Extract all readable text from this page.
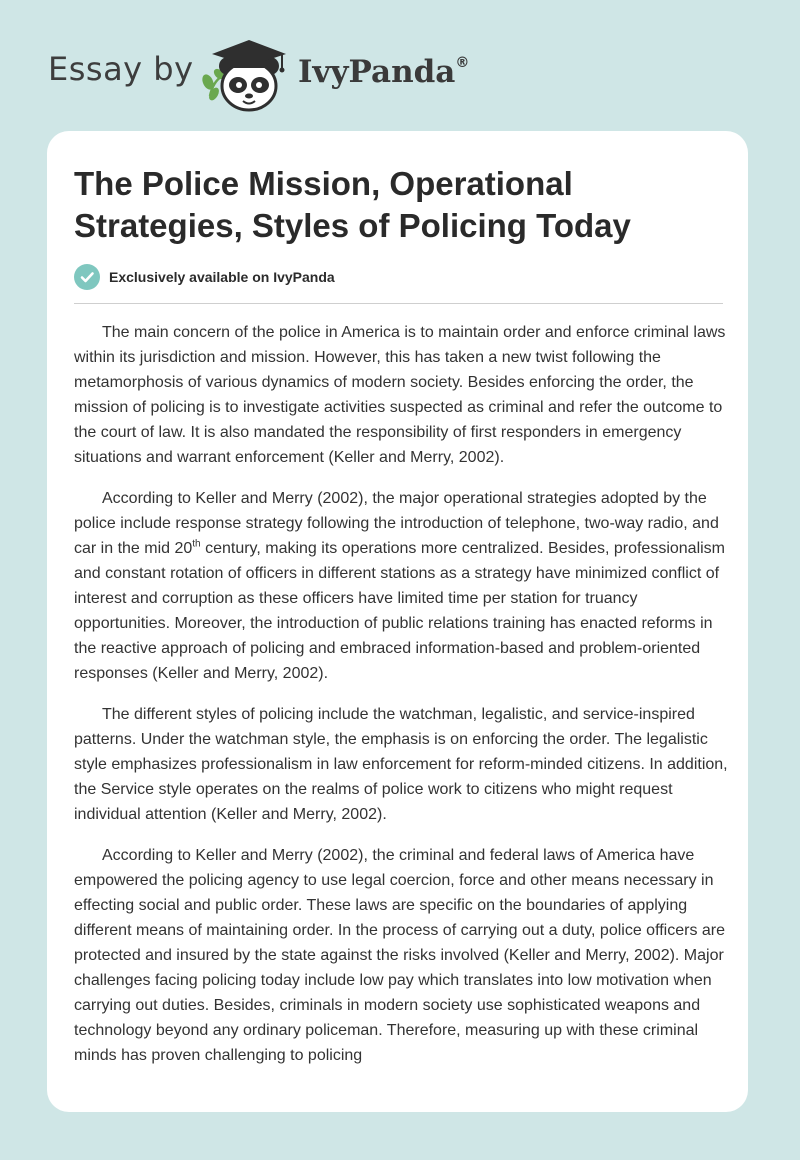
Essay by	IvyPanda®
The Police Mission, Operational Strategies, Styles of Policing Today
Exclusively available on IvyPanda

The main concern of the police in America is to maintain order and enforce criminal laws within its jurisdiction and mission. However, this has taken a new twist following the metamorphosis of various dynamics of modern society. Besides enforcing the order, the mission of policing is to investigate activities suspected as criminal and refer the outcome to the court of law. It is also mandated the responsibility of first responders in emergency situations and warrant enforcement (Keller and Merry, 2002).

According to Keller and Merry (2002), the major operational strategies adopted by the police include response strategy following the introduction of telephone, two-way radio, and car in the mid 20th century, making its operations more centralized. Besides, professionalism and constant rotation of officers in different stations as a strategy have minimized conflict of interest and corruption as these officers have limited time per station for truancy opportunities. Moreover, the introduction of public relations training has enacted reforms in the reactive approach of policing and embraced information-based and problem-oriented responses (Keller and Merry, 2002).

The different styles of policing include the watchman, legalistic, and service-inspired patterns. Under the watchman style, the emphasis is on enforcing the order. The legalistic style emphasizes professionalism in law enforcement for reform-minded citizens. In addition, the Service style operates on the realms of police work to citizens who might request individual attention (Keller and Merry, 2002).

According to Keller and Merry (2002), the criminal and federal laws of America have empowered the policing agency to use legal coercion, force and other means necessary in effecting social and public order. These laws are specific on the boundaries of applying different means of maintaining order. In the process of carrying out a duty, police officers are protected and insured by the state against the risks involved (Keller and Merry, 2002). Major challenges facing policing today include low pay which translates into low motivation when carrying out duties. Besides, criminals in modern society use sophisticated weapons and technology beyond any ordinary policeman. Therefore, measuring up with these criminal minds has proven challenging to policing
